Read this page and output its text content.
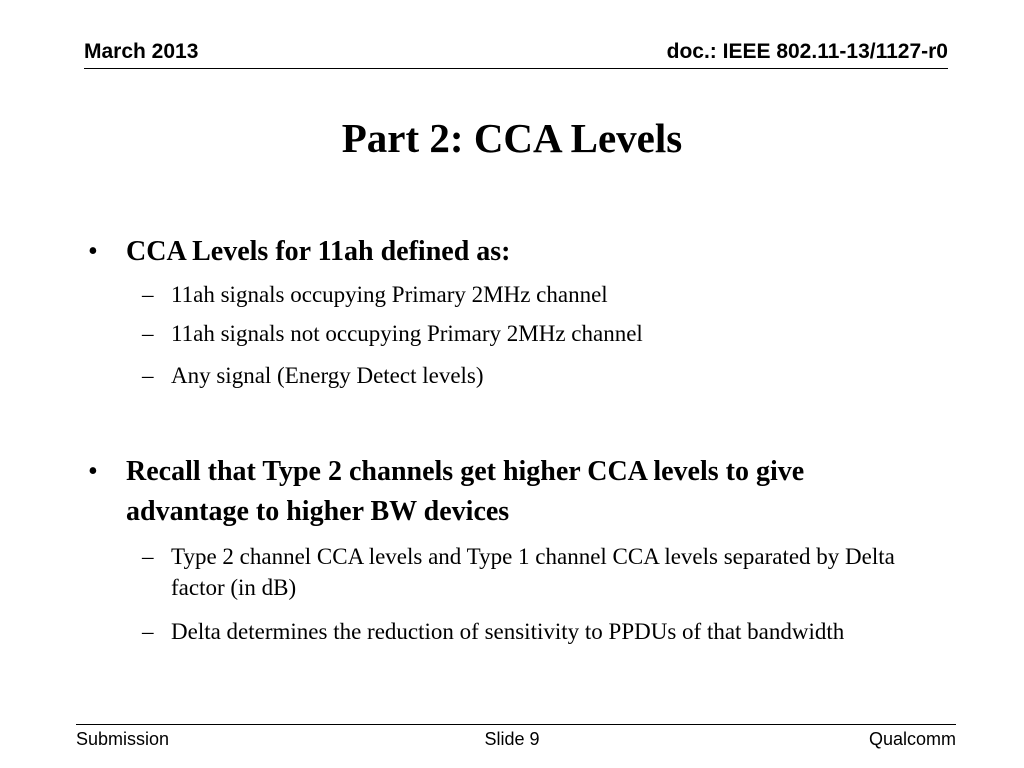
March 2013	doc.: IEEE 802.11-13/1127-r0
Part 2: CCA Levels
• CCA Levels for 11ah defined as:
– 11ah signals occupying Primary 2MHz channel
– 11ah signals not occupying Primary 2MHz channel
– Any signal (Energy Detect levels)
• Recall that Type 2 channels get higher CCA levels to give advantage to higher BW devices
– Type 2 channel CCA levels and Type 1 channel CCA levels separated by Delta factor (in dB)
– Delta determines the reduction of sensitivity to PPDUs of that bandwidth
Submission	Slide 9	Qualcomm
